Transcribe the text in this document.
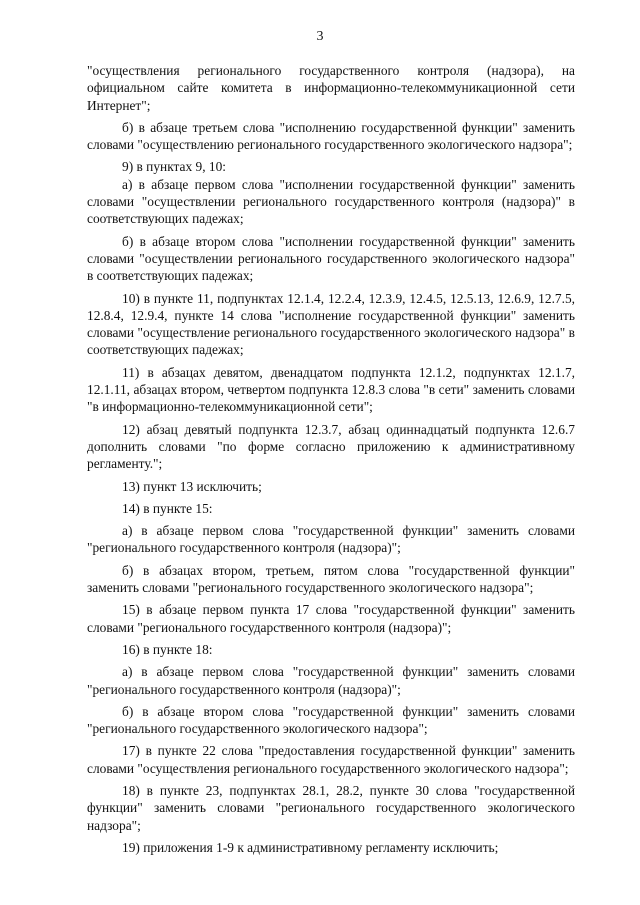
3

"осуществления регионального государственного контроля (надзора), на официальном сайте комитета в информационно-телекоммуникационной сети Интернет";

б) в абзаце третьем слова "исполнению государственной функции" заменить словами "осуществлению регионального государственного экологического надзора";

9) в пунктах 9, 10:

а) в абзаце первом слова "исполнении государственной функции" заменить словами "осуществлении регионального государственного контроля (надзора)" в соответствующих падежах;

б) в абзаце втором слова "исполнении государственной функции" заменить словами "осуществлении регионального государственного экологического надзора" в соответствующих падежах;

10) в пункте 11, подпунктах 12.1.4, 12.2.4, 12.3.9, 12.4.5, 12.5.13, 12.6.9, 12.7.5, 12.8.4, 12.9.4, пункте 14 слова "исполнение государственной функции" заменить словами "осуществление регионального государственного экологического надзора" в соответствующих падежах;

11) в абзацах девятом, двенадцатом подпункта 12.1.2, подпунктах 12.1.7, 12.1.11, абзацах втором, четвертом подпункта 12.8.3 слова "в сети" заменить словами "в информационно-телекоммуникационной сети";

12) абзац девятый подпункта 12.3.7, абзац одиннадцатый подпункта 12.6.7 дополнить словами "по форме согласно приложению к административному регламенту.";

13) пункт 13 исключить;

14) в пункте 15:

а) в абзаце первом слова "государственной функции" заменить словами "регионального государственного контроля (надзора)";

б) в абзацах втором, третьем, пятом слова "государственной функции" заменить словами "регионального государственного экологического надзора";

15) в абзаце первом пункта 17 слова "государственной функции" заменить словами "регионального государственного контроля (надзора)";

16) в пункте 18:

а) в абзаце первом слова "государственной функции" заменить словами "регионального государственного контроля (надзора)";

б) в абзаце втором слова "государственной функции" заменить словами "регионального государственного экологического надзора";

17) в пункте 22 слова "предоставления государственной функции" заменить словами "осуществления регионального государственного экологического надзора";

18) в пункте 23, подпунктах 28.1, 28.2, пункте 30 слова "государственной функции" заменить словами "регионального государственного экологического надзора";

19) приложения 1-9 к административному регламенту исключить;
